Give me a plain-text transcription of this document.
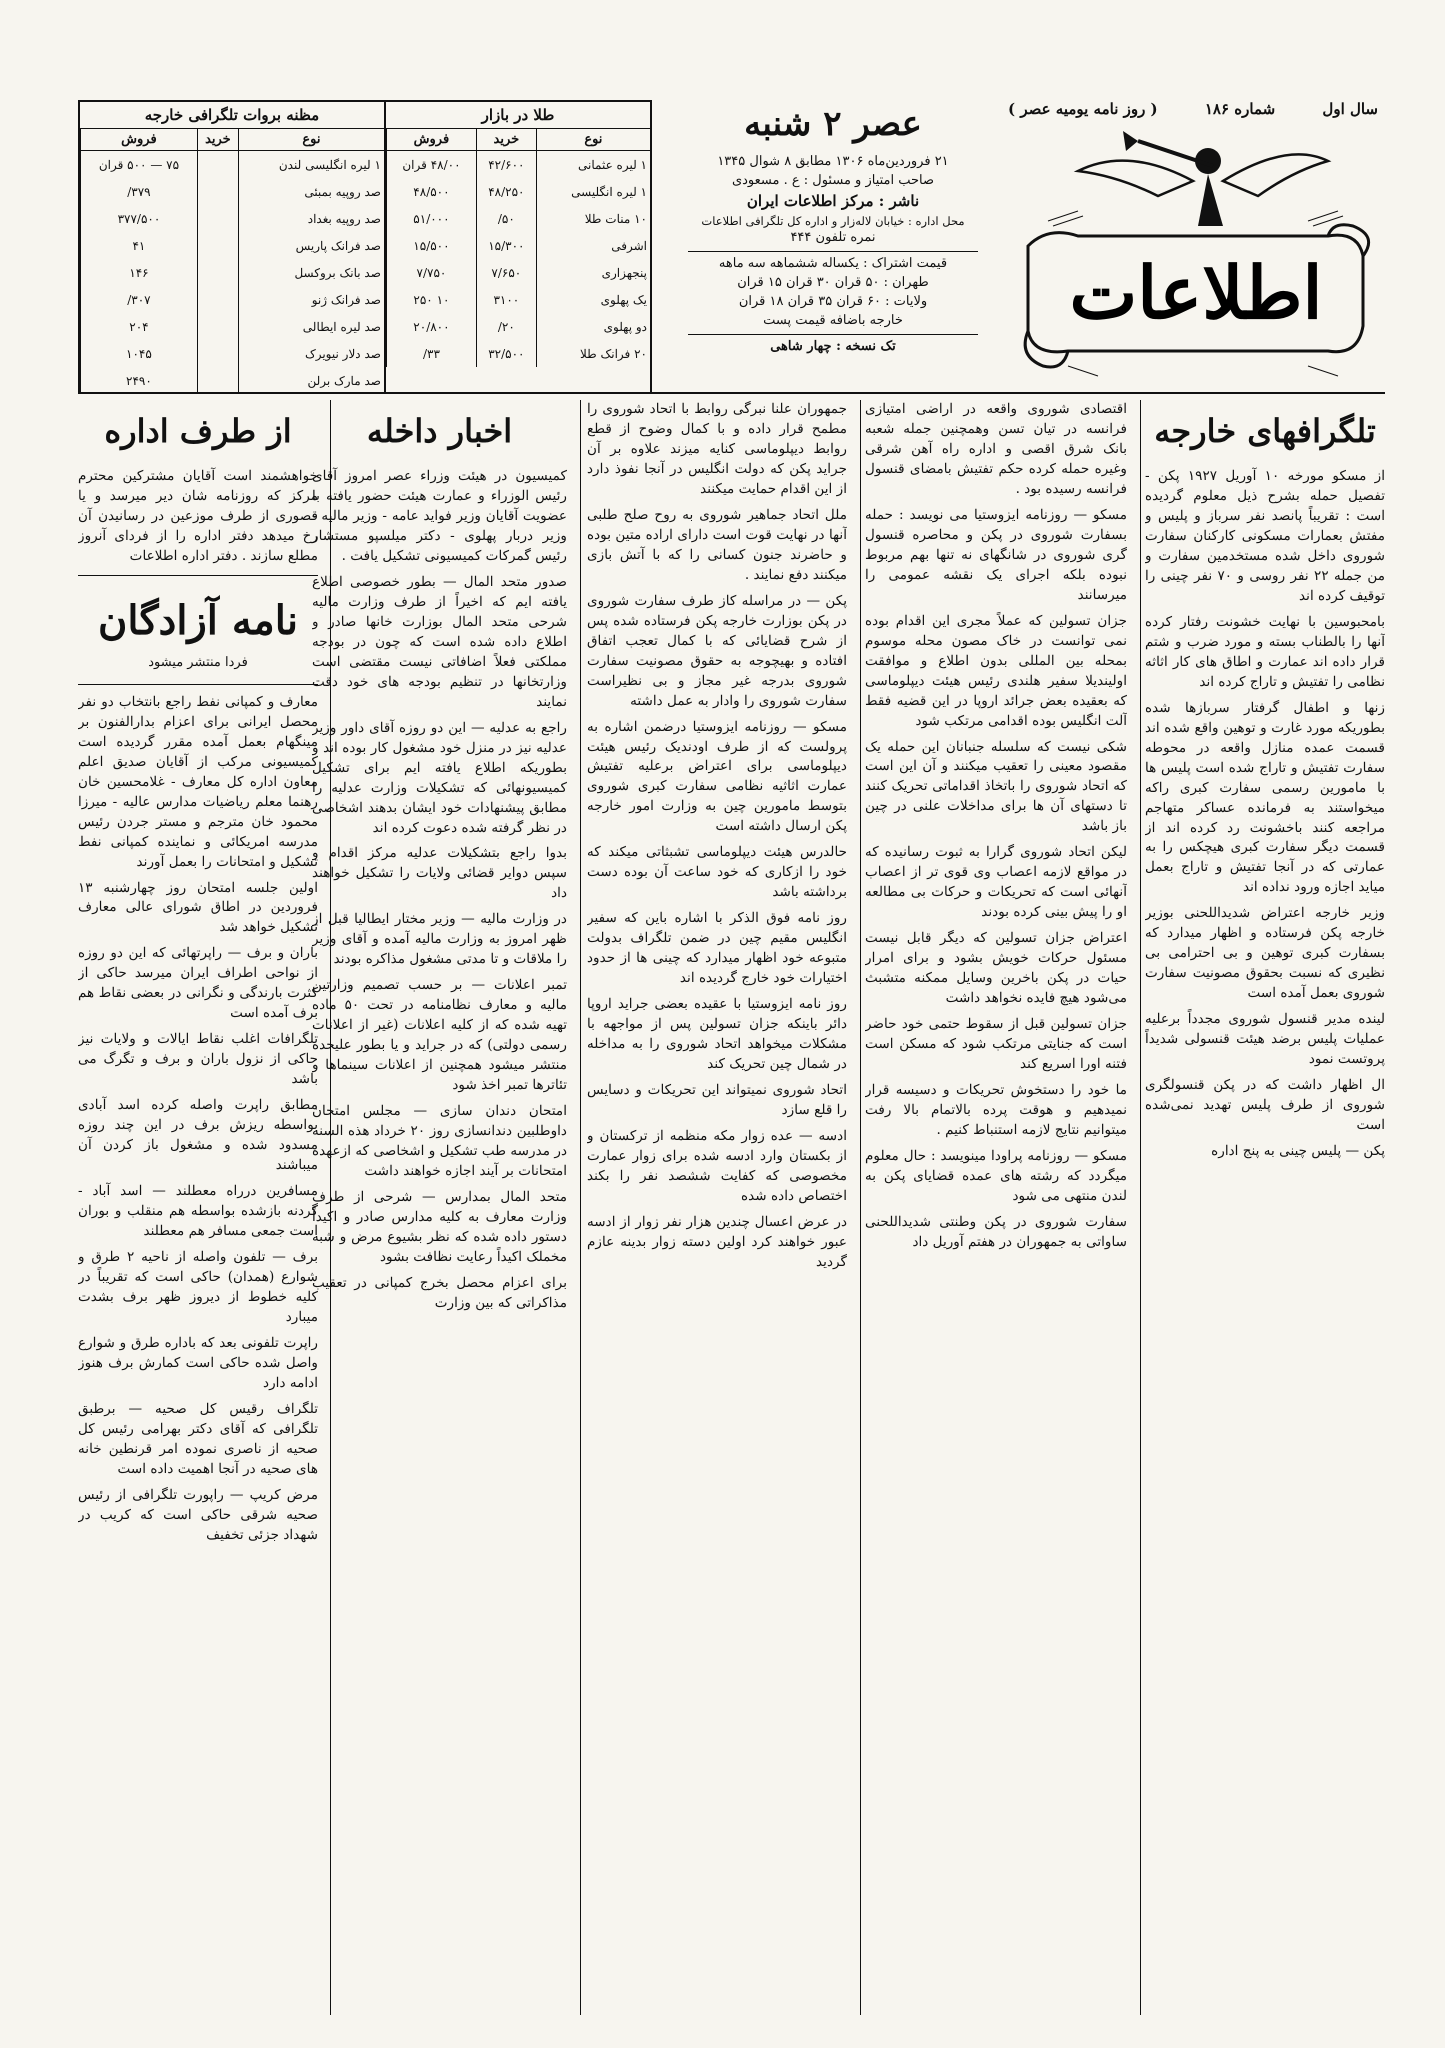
سال اول
شماره ۱۸۶
( روز نامه یومیه عصر )
اطلاعات
عصر ۲ شنبه
۲۱ فروردین‌ماه ۱۳۰۶ مطابق ۸ شوال ۱۳۴۵
صاحب امتیاز و مسئول : ع . مسعودی
ناشر : مرکز اطلاعات ایران
محل اداره : خیابان لاله‌زار و اداره کل تلگرافی اطلاعات
نمره تلفون ۴۴۴
قیمت اشتراک : یکساله ششماهه سه ماهه
طهران : ۵۰ قران ۳۰ قران ۱۵ قران
ولایات : ۶۰ قران ۳۵ قران ۱۸ قران
خارجه باضافه قیمت پست
تک نسخه : چهار شاهی
طلا در بازار
نوع	خرید	فروش
۱ لیره عثمانی	۴۲/۶۰۰	۴۸/۰۰ قران
۱ لیره انگلیسی	۴۸/۲۵۰	۴۸/۵۰۰
۱۰ منات طلا	۵۰/	۵۱/۰۰۰
اشرفی	۱۵/۳۰۰	۱۵/۵۰۰
پنجهزاری	۷/۶۵۰	۷/۷۵۰
یک پهلوی	۳۱۰۰	۱۰ ۲۵۰
دو پهلوی	۲۰/	۲۰/۸۰۰
۲۰ فرانک طلا	۳۲/۵۰۰	۳۳/
مظنه بروات تلگرافی خارجه
نوع	خرید	فروش
۱ لیره انگلیسی لندن		۷۵ — ۵۰۰ قران
صد روپیه بمبئی		۳۷۹/
صد روپیه بغداد		۳۷۷/۵۰۰
صد فرانک پاریس		۴۱
صد بانک بروکسل		۱۴۶
صد فرانک ژنو		۳۰۷/
صد لیره ایطالی		۲۰۴
صد دلار نیویرک		۱۰۴۵
صد مارک برلن		۲۴۹۰
تلگرافهای خارجه

از مسکو مورخه ۱۰ آوریل ۱۹۲۷ پکن - تفصیل حمله بشرح ذیل معلوم گردیده است : تقریباً پانصد نفر سرباز و پلیس و مفتش بعمارات مسکونی کارکنان سفارت شوروی داخل شده مستخدمین سفارت و من جمله ۲۲ نفر روسی و ۷۰ نفر چینی را توقیف کرده اند

بامحبوسین با نهایت خشونت رفتار کرده آنها را بالطناب بسته و مورد ضرب و شتم قرار داده اند عمارت و اطاق های کار اثاثه نظامی را تفتیش و تاراج کرده اند

زنها و اطفال گرفتار سربازها شده بطوریکه مورد غارت و توهین واقع شده اند قسمت عمده منازل واقعه در محوطه سفارت تفتیش و تاراج شده است پلیس ها با مامورین رسمی سفارت کبری راکه میخواستند به فرمانده عساکر متهاجم مراجعه کنند باخشونت رد کرده اند از قسمت دیگر سفارت کبری هیچکس را به عمارتی که در آنجا تفتیش و تاراج بعمل میاید اجازه ورود نداده اند

وزیر خارجه اعتراض شدیداللحنی بوزیر خارجه پکن فرستاده و اظهار میدارد که بسفارت کبری توهین و بی احترامی بی نظیری که نسبت بحقوق مصونیت سفارت شوروی بعمل آمده است

لینده مدیر قنسول شوروی مجدداً برعلیه عملیات پلیس برضد هیئت قنسولی شدیداً پروتست نمود

ال اظهار داشت که در پکن قنسولگری شوروی از طرف پلیس تهدید نمی‌شده است

پکن — پلیس چینی به پنج اداره

اقتصادی شوروی واقعه در اراضی امتیازی فرانسه در تیان تسن وهمچنین جمله شعبه بانک شرق اقصی و اداره راه آهن شرقی وغیره حمله کرده حکم تفتیش بامضای قنسول فرانسه رسیده بود .

مسکو — روزنامه ایزوستیا می نویسد : حمله بسفارت شوروی در پکن و محاصره قنسول گری شوروی در شانگهای نه تنها بهم مربوط نبوده بلکه اجرای یک نقشه عمومی را میرسانند

جزان تسولین که عملاً مجری این اقدام بوده نمی توانست در خاک مصون محله موسوم بمحله بین المللی بدون اطلاع و موافقت اولیندیلا سفیر هلندی رئیس هیئت دیپلوماسی که بعقیده بعض جرائد اروپا در این قضیه فقط آلت انگلیس بوده اقدامی مرتکب شود

شکی نیست که سلسله جنبانان این حمله یک مقصود معینی را تعقیب میکنند و آن این است که اتحاد شوروی را باتخاذ اقداماتی تحریک کنند تا دستهای آن ها برای مداخلات علنی در چین باز باشد

لیکن اتحاد شوروی گرارا به ثبوت رسانیده که در مواقع لازمه اعصاب وی قوی تر از اعصاب آنهائی است که تحریکات و حرکات بی مطالعه او را پیش بینی کرده بودند

اعتراض جزان تسولین که دیگر قابل نیست مسئول حرکات خویش بشود و برای امرار حیات در پکن باخرین وسایل ممکنه متشبث می‌شود هیچ فایده نخواهد داشت

جزان تسولین قبل از سقوط حتمی خود حاضر است که جنایتی مرتکب شود که مسکن است فتنه اورا اسریع کند

ما خود را دستخوش تحریکات و دسیسه قرار نمیدهیم و هوقت پرده بالاتمام بالا رفت میتوانیم نتایج لازمه استنباط کنیم .

مسکو — روزنامه پراودا مینویسد : حال معلوم میگردد که رشته های عمده قضایای پکن به لندن منتهی می شود

سفارت شوروی در پکن وطنتی شدیداللحنی ساواتی به جمهوران در هفتم آوریل داد

جمهوران علنا نبرگی روابط با اتحاد شوروی را مطمح قرار داده و با کمال وضوح از قطع روابط دیپلوماسی کنایه میزند علاوه بر آن جراید پکن که دولت انگلیس در آنجا نفوذ دارد از این اقدام حمایت میکنند

ملل اتحاد جماهیر شوروی به روح صلح طلبی آنها در نهایت قوت است دارای اراده متین بوده و حاضرند جنون کسانی را که با آتش بازی میکنند دفع نمایند .

پکن — در مراسله کاز طرف سفارت شوروی در پکن بوزارت خارجه پکن فرستاده شده پس از شرح قضایائی که با کمال تعجب اتفاق افتاده و بهیچوجه به حقوق مصونیت سفارت شوروی بدرجه غیر مجاز و بی نظیراست سفارت شوروی را وادار به عمل داشته

مسکو — روزنامه ایزوستیا درضمن اشاره به پرولست که از طرف اودندیک رئیس هیئت دیپلوماسی برای اعتراض برعلیه تفتیش عمارت اثاثیه نظامی سفارت کبری شوروی بتوسط مامورین چین به وزارت امور خارجه پکن ارسال داشته است

حالدرس هیئت دیپلوماسی تشبثاتی میکند که خود را ازکاری که خود ساعت آن بوده دست برداشته باشد

روز نامه فوق الذکر با اشاره باین که سفیر انگلیس مقیم چین در ضمن تلگراف بدولت متبوعه خود اظهار میدارد که چینی ها از حدود اختیارات خود خارج گردیده اند

روز نامه ایزوستیا با عقیده بعضی جراید اروپا دائر باینکه جزان تسولین پس از مواجهه با مشکلات میخواهد اتحاد شوروی را به مداخله در شمال چین تحریک کند

اتحاد شوروی نمیتواند این تحریکات و دسایس را قلع سازد

ادسه — عده زوار مکه منظمه از ترکستان و از بکستان وارد ادسه شده برای زوار عمارت مخصوصی که کفایت ششصد نفر را بکند اختصاص داده شده

در عرض اعسال چندین هزار نفر زوار از ادسه عبور خواهند کرد اولین دسته زوار بدینه عازم گردید

اخبار داخله

کمیسیون در هیئت وزراء عصر امروز آقای رئیس الوزراء و عمارت هیئت حضور یافته با عضویت آقایان وزیر فواید عامه - وزیر مالیه - وزیر دربار پهلوی - دکتر میلسپو مستشار رئیس گمرکات کمیسیونی تشکیل یافت .

صدور متحد المال — بطور خصوصی اطلاع یافته ایم که اخیراً از طرف وزارت مالیه شرحی متحد المال بوزارت خانها صادر و اطلاع داده شده است که چون در بودجه مملکتی فعلاً اضافاتی نیست مقتضی است وزارتخانها در تنظیم بودجه های خود دقت نمایند

راجع به عدلیه — این دو روزه آقای داور وزیر عدلیه نیز در منزل خود مشغول کار بوده اند و بطوریکه اطلاع یافته ایم برای تشکیل کمیسیونهائی که تشکیلات وزارت عدلیه را مطابق پیشنهادات خود ایشان بدهند اشخاصی در نظر گرفته شده دعوت کرده اند

بدوا راجع بتشکیلات عدلیه مرکز اقدام و سپس دوایر قضائی ولایات را تشکیل خواهند داد

در وزارت مالیه — وزیر مختار ایطالیا قبل از ظهر امروز به وزارت مالیه آمده و آقای وزیر را ملاقات و تا مدتی مشغول مذاکره بودند

تمبر اعلانات — بر حسب تصمیم وزارتین مالیه و معارف نظامنامه در تحت ۵۰ ماده تهیه شده که از کلیه اعلانات (غیر از اعلانات رسمی دولتی) که در جراید و یا بطور علیحده منتشر میشود همچنین از اعلانات سینماها و تئاترها تمبر اخذ شود

امتحان دندان سازی — مجلس امتحان داوطلبین دندانسازی روز ۲۰ خرداد هذه السنه در مدرسه طب تشکیل و اشخاصی که ازعهده امتحانات بر آیند اجازه خواهند داشت

متحد المال بمدارس — شرحی از طرف وزارت معارف به کلیه مدارس صادر و اکیداً دستور داده شده که نظر بشیوع مرض و شبه مخملک اکیداً رعایت نظافت بشود

برای اعزام محصل بخرج کمپانی در تعقیب مذاکراتی که بین وزارت

از طرف اداره

خواهشمند است آقایان مشترکین محترم مرکز که روزنامه شان دیر میرسد و یا قصوری از طرف موزعین در رسانیدن آن رخ میدهد دفتر اداره را از فردای آنروز مطلع سازند . دفتر اداره اطلاعات

نامه آزادگان
فردا منتشر میشود

معارف و کمپانی نفط راجع بانتخاب دو نفر محصل ایرانی برای اعزام بدارالفنون بر مینگهام بعمل آمده مقرر گردیده است کمیسیونی مرکب از آقایان صدیق اعلم معاون اداره کل معارف - غلامحسین خان رهنما معلم ریاضیات مدارس عالیه - میرزا محمود خان مترجم و مستر جردن رئیس مدرسه امریکائی و نماینده کمپانی نفط تشکیل و امتحانات را بعمل آورند

اولین جلسه امتحان روز چهارشنبه ۱۳ فروردین در اطاق شورای عالی معارف تشکیل خواهد شد

باران و برف — راپرتهائی که این دو روزه از نواحی اطراف ایران میرسد حاکی از کثرت بارندگی و نگرانی در بعضی نقاط هم برف آمده است

تلگرافات اغلب نقاط ایالات و ولایات نیز حاکی از نزول باران و برف و تگرگ می باشد

مطابق راپرت واصله کرده اسد آبادی بواسطه ریزش برف در این چند روزه مسدود شده و مشغول باز کردن آن میباشند

مسافرین درراه معطلند — اسد آباد - گردنه بازشده بواسطه هم منقلب و بوران است جمعی مسافر هم معطلند

برف — تلفون واصله از ناحیه ۲ طرق و شوارع (همدان) حاکی است که تقریباً در کلیه خطوط از دیروز ظهر برف بشدت میبارد

راپرت تلفونی بعد که باداره طرق و شوارع واصل شده حاکی است کمارش برف هنوز ادامه دارد

تلگراف رقیس کل صحیه — برطبق تلگرافی که آقای دکتر بهرامی رئیس کل صحیه از ناصری نموده امر قرنطین خانه های صحیه در آنجا اهمیت داده است

مرض کریپ — راپورت تلگرافی از رئیس صحیه شرقی حاکی است که کریب در شهداد جزئی تخفیف
